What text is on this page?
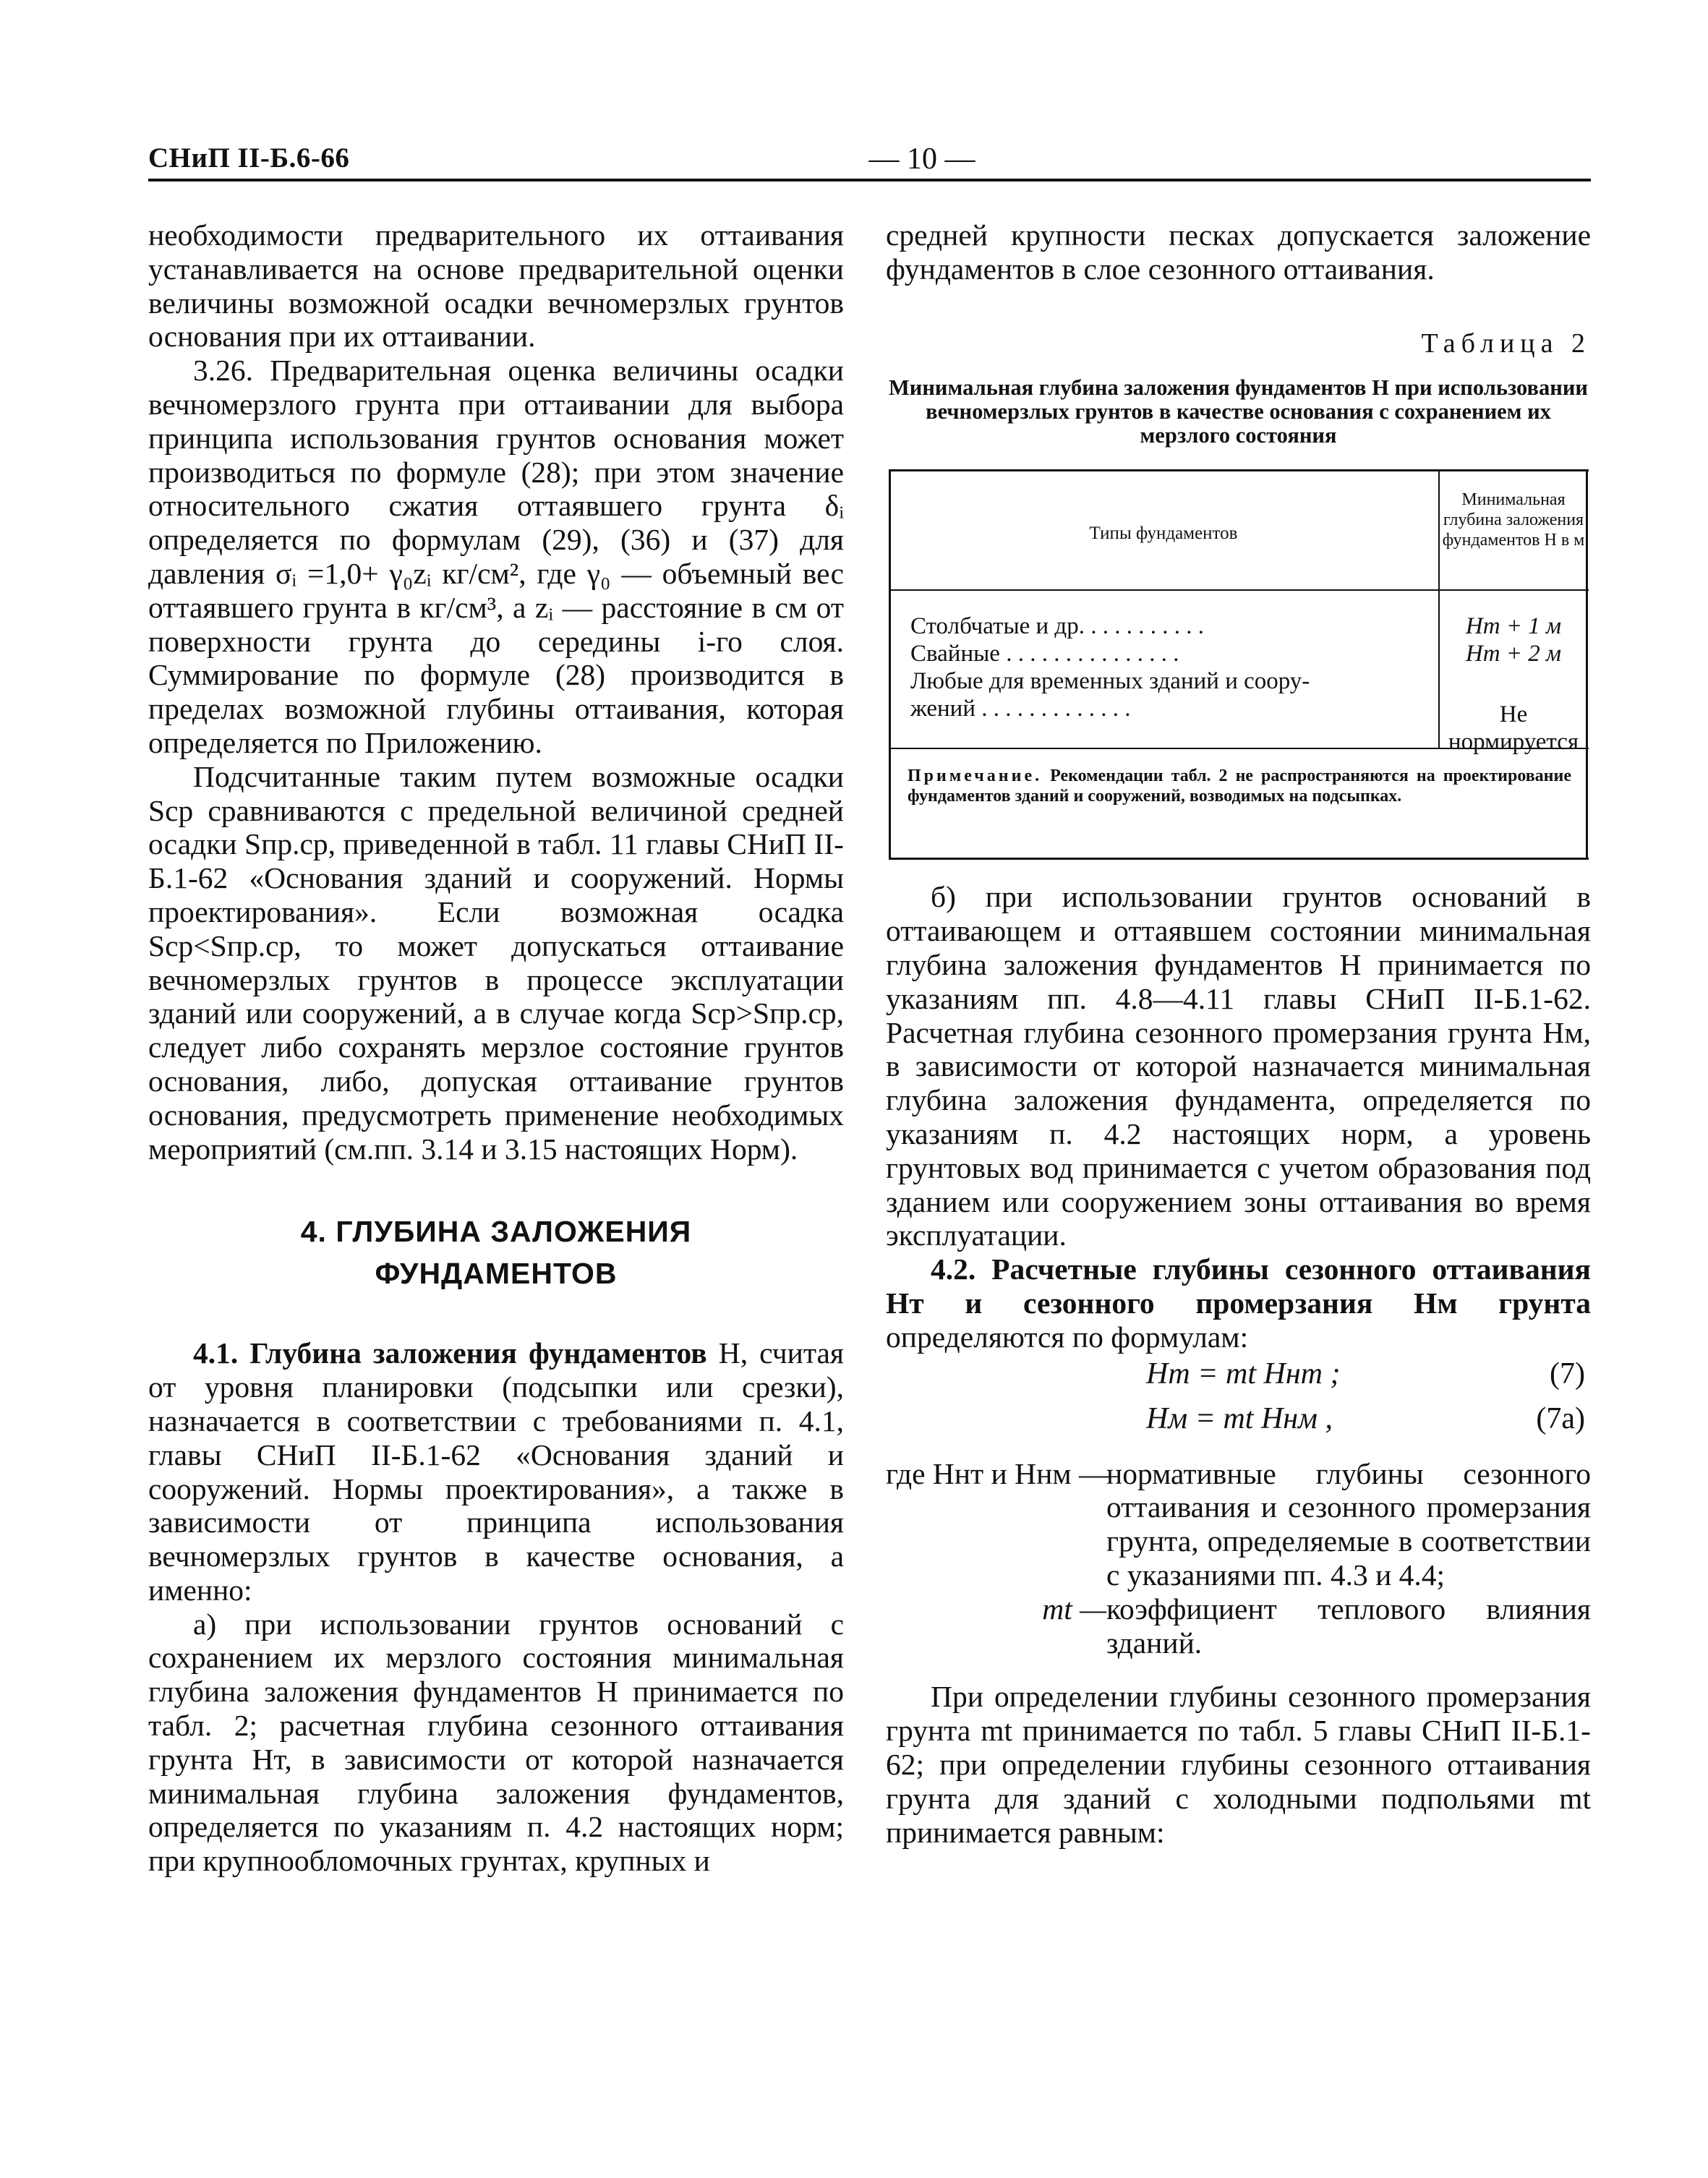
СНиП II-Б.6-66	— 10 —

необходимости предварительного их оттаивания устанавливается на основе предварительной оценки величины возможной осадки вечномерзлых грунтов основания при их оттаивании.

3.26. Предварительная оценка величины осадки вечномерзлого грунта при оттаивании для выбора принципа использования грунтов основания может производиться по формуле (28); при этом значение относительного сжатия оттаявшего грунта δᵢ определяется по формулам (29), (36) и (37) для давления σᵢ =1,0+ γ₀zᵢ кг/см², где γ₀ — объемный вес оттаявшего грунта в кг/см³, а zᵢ — расстояние в см от поверхности грунта до середины i-го слоя. Суммирование по формуле (28) производится в пределах возможной глубины оттаивания, которая определяется по Приложению.

Подсчитанные таким путем возможные осадки Sср сравниваются с предельной величиной средней осадки Sпр.ср, приведенной в табл. 11 главы СНиП II-Б.1-62 «Основания зданий и сооружений. Нормы проектирования». Если возможная осадка Sср<Sпр.ср, то может допускаться оттаивание вечномерзлых грунтов в процессе эксплуатации зданий или сооружений, а в случае когда Sср>Sпр.ср, следует либо сохранять мерзлое состояние грунтов основания, либо, допуская оттаивание грунтов основания, предусмотреть применение необходимых мероприятий (см.пп. 3.14 и 3.15 настоящих Норм).

4. ГЛУБИНА ЗАЛОЖЕНИЯ
ФУНДАМЕНТОВ

4.1. Глубина заложения фундаментов H, считая от уровня планировки (подсыпки или срезки), назначается в соответствии с требованиями п. 4.1, главы СНиП II-Б.1-62 «Основания зданий и сооружений. Нормы проектирования», а также в зависимости от принципа использования вечномерзлых грунтов в качестве основания, а именно:

а) при использовании грунтов оснований с сохранением их мерзлого состояния минимальная глубина заложения фундаментов H принимается по табл. 2; расчетная глубина сезонного оттаивания грунта Hт, в зависимости от которой назначается минимальная глубина заложения фундаментов, определяется по указаниям п. 4.2 настоящих норм; при крупнообломочных грунтах, крупных и

средней крупности песках допускается заложение фундаментов в слое сезонного оттаивания.

Таблица 2

Минимальная глубина заложения фундаментов H при использовании вечномерзлых грунтов в качестве основания с сохранением их мерзлого состояния

Типы фундаментов
Минимальная глубина заложения фундаментов H в м
Столбчатые и др. . . . . . . . . . .	Hт + 1 м
Свайные . . . . . . . . . . . . . . .	Hт + 2 м
Любые для временных зданий и соору-
жений . . . . . . . . . . . . .	Не нормируется
Примечание. Рекомендации табл. 2 не распространяются на проектирование фундаментов зданий и сооружений, возводимых на подсыпках.

б) при использовании грунтов оснований в оттаивающем и оттаявшем состоянии минимальная глубина заложения фундаментов H принимается по указаниям пп. 4.8—4.11 главы СНиП II-Б.1-62. Расчетная глубина сезонного промерзания грунта Hм, в зависимости от которой назначается минимальная глубина заложения фундамента, определяется по указаниям п. 4.2 настоящих норм, а уровень грунтовых вод принимается с учетом образования под зданием или сооружением зоны оттаивания во время эксплуатации.

4.2. Расчетные глубины сезонного оттаивания Hт и сезонного промерзания Hм грунта определяются по формулам:

Hт = mt Hнт ;	(7)
Hм = mt Hнм ,	(7а)
где Hнт и Hнм —
нормативные глубины сезонного оттаивания и сезонного промерзания грунта, определяемые в соответствии с указаниями пп. 4.3 и 4.4;
mt — коэффициент теплового влияния зданий.

При определении глубины сезонного промерзания грунта mt принимается по табл. 5 главы СНиП II-Б.1-62; при определении глубины сезонного оттаивания грунта для зданий с холодными подпольями mt принимается равным:
